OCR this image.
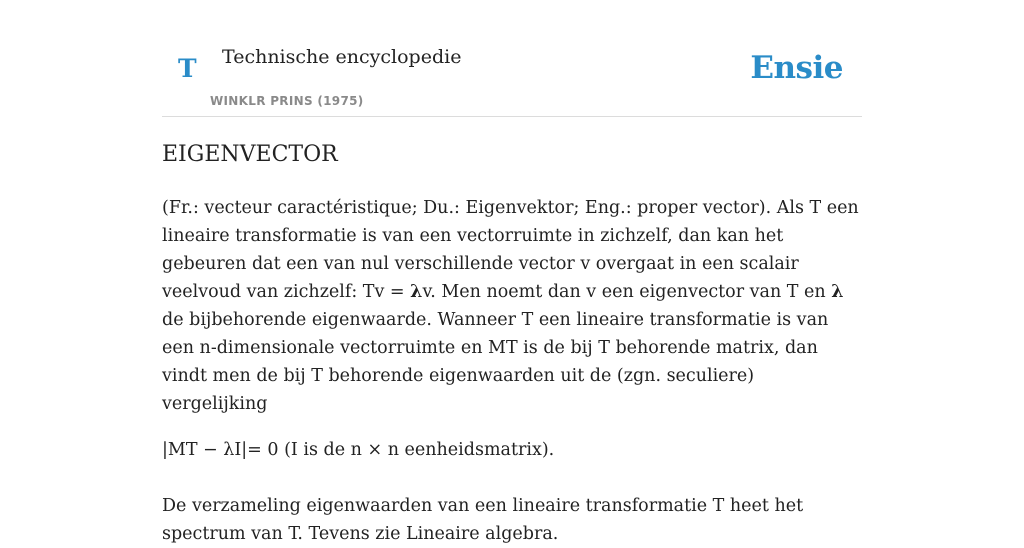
T Technische encyclopedie
WINKLR PRINS (1975)
Ensie
EIGENVECTOR

(Fr.: vecteur caractéristique; Du.: Eigenvektor; Eng.: proper vector). Als T een lineaire transformatie is van een vectorruimte in zichzelf, dan kan het gebeuren dat een van nul verschillende vector v overgaat in een scalair veelvoud van zichzelf: Tv = λv. Men noemt dan v een eigenvector van T en λ de bijbehorende eigenwaarde. Wanneer T een lineaire transformatie is van een n-dimensionale vectorruimte en MT is de bij T behorende matrix, dan vindt men de bij T behorende eigenwaarden uit de (zgn. seculiere) vergelijking

|MT − λI|= 0 (I is de n × n eenheidsmatrix).

De verzameling eigenwaarden van een lineaire transformatie T heet het spectrum van T. Tevens zie Lineaire algebra.
